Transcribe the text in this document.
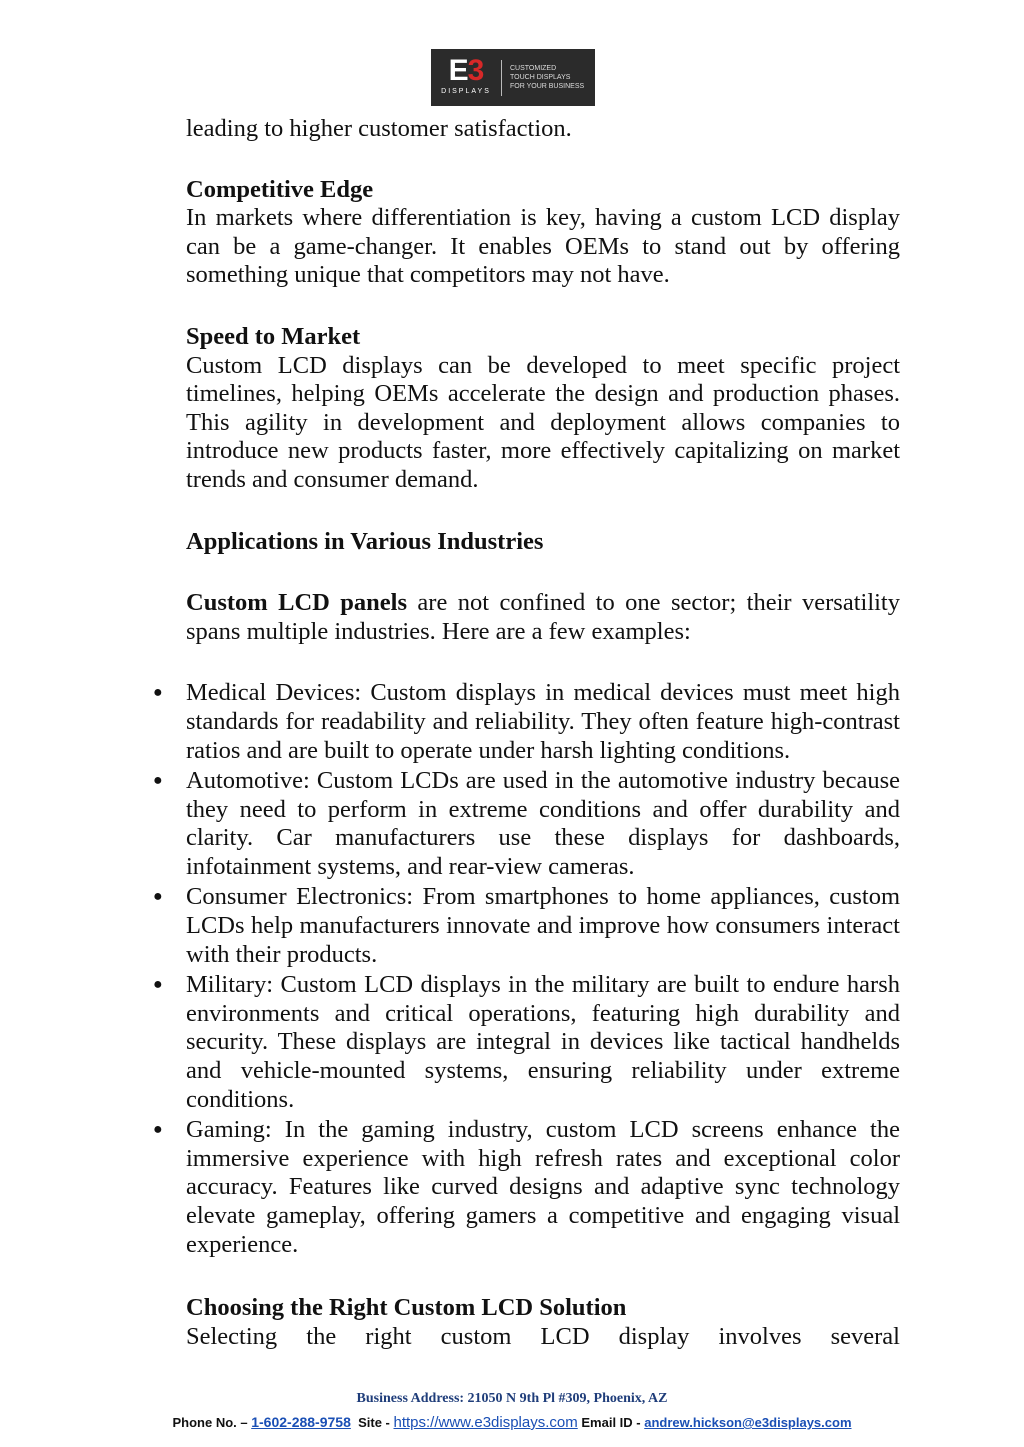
E3
DISPLAYS
CUSTOMIZED
TOUCH DISPLAYS
FOR YOUR BUSINESS

leading to higher customer satisfaction.

Competitive Edge

In markets where differentiation is key, having a custom LCD display can be a game-changer. It enables OEMs to stand out by offering something unique that competitors may not have.

Speed to Market

Custom LCD displays can be developed to meet specific project timelines, helping OEMs accelerate the design and production phases. This agility in development and deployment allows companies to introduce new products faster, more effectively capitalizing on market trends and consumer demand.

Applications in Various Industries

Custom LCD panels are not confined to one sector; their versatility spans multiple industries. Here are a few examples:

● Medical Devices: Custom displays in medical devices must meet high standards for readability and reliability. They often feature high-contrast ratios and are built to operate under harsh lighting conditions.
● Automotive: Custom LCDs are used in the automotive industry because they need to perform in extreme conditions and offer durability and clarity. Car manufacturers use these displays for dashboards, infotainment systems, and rear-view cameras.
● Consumer Electronics: From smartphones to home appliances, custom LCDs help manufacturers innovate and improve how consumers interact with their products.
● Military: Custom LCD displays in the military are built to endure harsh environments and critical operations, featuring high durability and security. These displays are integral in devices like tactical handhelds and vehicle-mounted systems, ensuring reliability under extreme conditions.
● Gaming: In the gaming industry, custom LCD screens enhance the immersive experience with high refresh rates and exceptional color accuracy. Features like curved designs and adaptive sync technology elevate gameplay, offering gamers a competitive and engaging visual experience.
Choosing the Right Custom LCD Solution

Selecting the right custom LCD display involves several

Business Address: 21050 N 9th Pl #309, Phoenix, AZ
Phone No. – 1-602-288-9758 Site - https://www.e3displays.com Email ID - andrew.hickson@e3displays.com
